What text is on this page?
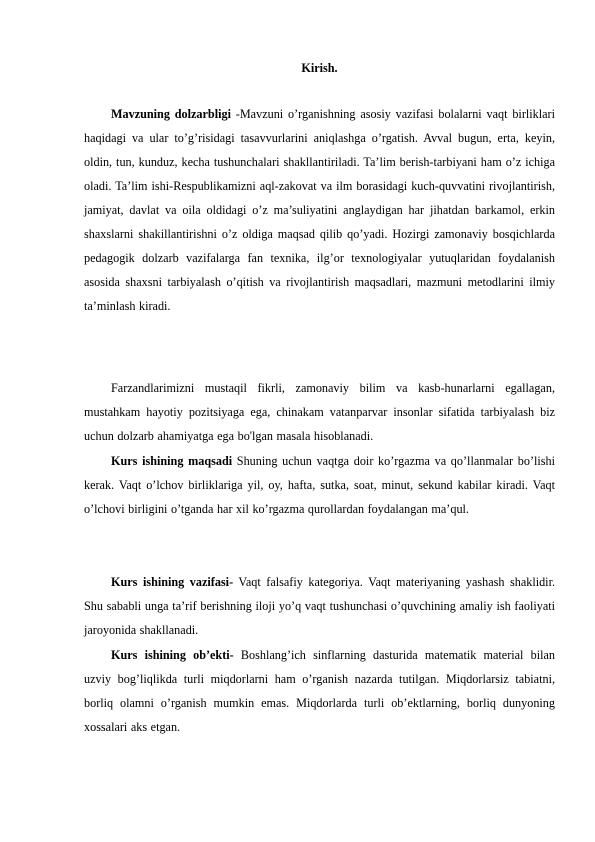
Kirish.

Mavzuning dolzarbligi -Mavzuni o’rganishning asosiy vazifasi bolalarni vaqt birliklari haqidagi va ular to’g’risidagi tasavvurlarini aniqlashga o’rgatish. Avval bugun, erta, keyin, oldin, tun, kunduz, kecha tushunchalari shakllantiriladi. Ta’lim berish-tarbiyani ham o’z ichiga oladi. Ta’lim ishi-Respublikamizni aql-zakovat va ilm borasidagi kuch-quvvatini rivojlantirish, jamiyat, davlat va oila oldidagi o’z ma’suliyatini anglaydigan har jihatdan barkamol, erkin shaxslarni shakillantirishni o’z oldiga maqsad qilib qo’yadi. Hozirgi zamonaviy bosqichlarda pedagogik dolzarb vazifalarga fan texnika, ilg’or texnologiyalar yutuqlaridan foydalanish asosida shaxsni tarbiyalash o’qitish va rivojlantirish maqsadlari, mazmuni metodlarini ilmiy ta’minlash kiradi.

Farzandlarimizni mustaqil fikrli, zamonaviy bilim va kasb-hunarlarni egallagan, mustahkam hayotiy pozitsiyaga ega, chinakam vatanparvar insonlar sifatida tarbiyalash biz uchun dolzarb ahamiyatga ega bo'lgan masala hisoblanadi.

Kurs ishining maqsadi Shuning uchun vaqtga doir ko’rgazma va qo’llanmalar bo’lishi kerak. Vaqt o’lchov birliklariga yil, oy, hafta, sutka, soat, minut, sekund kabilar kiradi. Vaqt o’lchovi birligini o’tganda har xil ko’rgazma qurollardan foydalangan ma’qul.

Kurs ishining vazifasi- Vaqt falsafiy kategoriya. Vaqt materiyaning yashash shaklidir. Shu sababli unga ta’rif berishning iloji yo’q vaqt tushunchasi o’quvchining amaliy ish faoliyati jaroyonida shakllanadi.

Kurs ishining ob’ekti- Boshlang’ich sinflarning dasturida matematik material bilan uzviy bog’liqlikda turli miqdorlarni ham o’rganish nazarda tutilgan. Miqdorlarsiz tabiatni, borliq olamni o’rganish mumkin emas. Miqdorlarda turli ob’ektlarning, borliq dunyoning xossalari aks etgan.
